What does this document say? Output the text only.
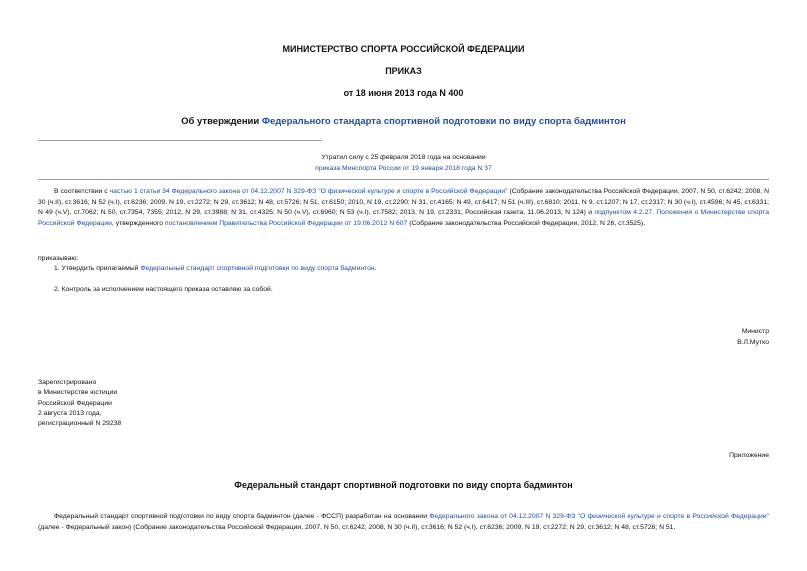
МИНИСТЕРСТВО СПОРТА РОССИЙСКОЙ ФЕДЕРАЦИИ
ПРИКАЗ
от 18 июня 2013 года N 400
Об утверждении Федерального стандарта спортивной подготовки по виду спорта бадминтон
Утратил силу с 25 февраля 2018 года на основании
приказа Минспорта России от 19 января 2018 года N 37
В соответствии с частью 1 статьи 34 Федерального закона от 04.12.2007 N 329-ФЗ "О физической культуре и спорте в Российской Федерации" (Собрание законодательства Российской Федерации, 2007, N 50, ст.6242; 2008, N 30 (ч.II), ст.3616; N 52 (ч.I), ст.6236; 2009, N 19, ст.2272; N 29, ст.3612; N 48, ст.5726; N 51, ст.6150; 2010, N 19, ст.2290; N 31, ст.4165; N 49, ст.6417; N 51 (ч.III), ст.6810; 2011, N 9, ст.1207; N 17, ст.2317; N 30 (ч.I), ст.4596; N 45, ст.6331; N 49 (ч.V), ст.7062; N 50, ст.7354, 7355; 2012, N 29, ст.3988; N 31, ст.4325; N 50 (ч.V), ст.6960; N 53 (ч.I), ст.7582; 2013, N 19, ст.2331; Российская газета, 11.06.2013, N 124) и подпунктом 4.2.27. Положения о Министерстве спорта Российской Федерации, утвержденного постановлением Правительства Российской Федерации от 19.06.2012 N 607 (Собрание законодательства Российской Федерации, 2012, N 26, ст.3525),
приказываю:
1. Утвердить прилагаемый Федеральный стандарт спортивной подготовки по виду спорта бадминтон.
2. Контроль за исполнением настоящего приказа оставляю за собой.
Министр
В.Л.Мутко
Зарегистрировано
в Министерстве юстиции
Российской Федерации
2 августа 2013 года,
регистрационный N 29238
Приложение
Федеральный стандарт спортивной подготовки по виду спорта бадминтон
Федеральный стандарт спортивной подготовки по виду спорта бадминтон (далее - ФССП) разработан на основании Федерального закона от 04.12.2007 N 329-ФЗ "О физической культуре и спорте в Российской Федерации" (далее - Федеральный закон) (Собрание законодательства Российской Федерации, 2007, N 50, ст.6242; 2008, N 30 (ч.II), ст.3616; N 52 (ч.I), ст.6236; 2009, N 19, ст.2272; N 29, ст.3612; N 48, ст.5726; N 51,
